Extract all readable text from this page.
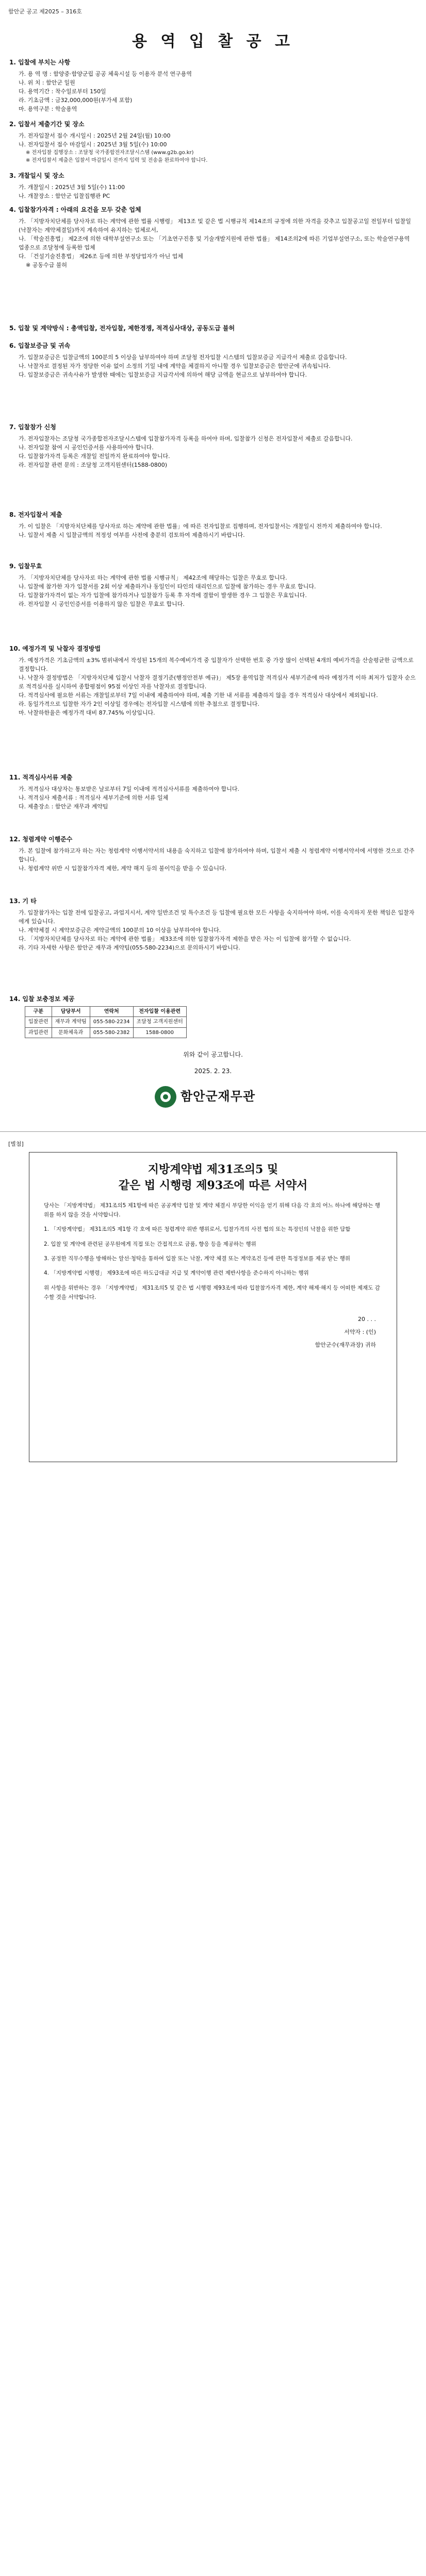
함안군 공고 제2025 – 316호
용 역 입 찰 공 고
1. 입찰에 부치는 사항
가. 용 역 명 : 함양중·함양군립 공공 체육시설 등 이용자 분석 연구용역
나. 위 치 : 함안군 일원
다. 용역기간 : 착수일로부터 150일
라. 기초금액 : 금32,000,000원(부가세 포함)
마. 용역구분 : 학술용역
2. 입찰서 제출기간 및 장소
가. 전자입찰서 접수 개시일시 : 2025년 2월 24일(월) 10:00
나. 전자입찰서 접수 마감일시 : 2025년 3월 5일(수) 10:00
※ 전자입찰 집행장소 : 조달청 국가종합전자조달시스템 (www.g2b.go.kr)
※ 전자입찰서 제출은 입찰서 마감일시 전까지 입력 및 전송을 완료하여야 합니다.
3. 개찰일시 및 장소
가. 개찰일시 : 2025년 3월 5일(수) 11:00
나. 개찰장소 : 함안군 입찰집행관 PC
4. 입찰참가자격 : 아래의 요건을 모두 갖춘 업체
가. 「지방자치단체를 당사자로 하는 계약에 관한 법률 시행령」 제13조 및 같은 법 시행규칙 제14조의 규정에 의한 자격을 갖추고 입찰공고일 전일부터 입찰일(낙찰자는 계약체결일)까지 계속하여 유지하는 업체로서,
나. 「학술진흥법」 제2조에 의한 대학부설연구소 또는 「기초연구진흥 및 기술개발지원에 관한 법률」 제14조의2에 따른 기업부설연구소, 또는 학술연구용역 업종으로 조달청에 등록한 업체
다. 「건설기술진흥법」 제26조 등에 의한 부정당업자가 아닌 업체
※ 공동수급 불허
5. 입찰 및 계약방식 : 총액입찰, 전자입찰, 제한경쟁, 적격심사대상, 공동도급 불허
6. 입찰보증금 및 귀속
가. 입찰보증금은 입찰금액의 100분의 5 이상을 납부하여야 하며 조달청 전자입찰 시스템의 입찰보증금 지급각서 제출로 갈음합니다.
나. 낙찰자로 결정된 자가 정당한 이유 없이 소정의 기일 내에 계약을 체결하지 아니할 경우 입찰보증금은 함안군에 귀속됩니다.
다. 입찰보증금은 귀속사유가 발생한 때에는 입찰보증금 지급각서에 의하여 해당 금액을 현금으로 납부하여야 합니다.
7. 입찰참가 신청
가. 전자입찰자는 조달청 국가종합전자조달시스템에 입찰참가자격 등록을 하여야 하며, 입찰참가 신청은 전자입찰서 제출로 갈음합니다.
나. 전자입찰 참여 시 공인인증서를 사용하여야 합니다.
다. 입찰참가자격 등록은 개찰일 전일까지 완료하여야 합니다.
라. 전자입찰 관련 문의 : 조달청 고객지원센터(1588-0800)
8. 전자입찰서 제출
가. 이 입찰은 「지방자치단체를 당사자로 하는 계약에 관한 법률」에 따른 전자입찰로 집행하며, 전자입찰서는 개찰일시 전까지 제출하여야 합니다.
나. 입찰서 제출 시 입찰금액의 적정성 여부를 사전에 충분히 검토하여 제출하시기 바랍니다.
9. 입찰무효
가. 「지방자치단체를 당사자로 하는 계약에 관한 법률 시행규칙」 제42조에 해당하는 입찰은 무효로 합니다.
나. 입찰에 참가한 자가 입찰서를 2회 이상 제출하거나 동일인이 타인의 대리인으로 입찰에 참가하는 경우 무효로 합니다.
다. 입찰참가자격이 없는 자가 입찰에 참가하거나 입찰참가 등록 후 자격에 결함이 발생한 경우 그 입찰은 무효입니다.
라. 전자입찰 시 공인인증서를 이용하지 않은 입찰은 무효로 합니다.
10. 예정가격 및 낙찰자 결정방법
가. 예정가격은 기초금액의 ±3% 범위내에서 작성된 15개의 복수예비가격 중 입찰자가 선택한 번호 중 가장 많이 선택된 4개의 예비가격을 산술평균한 금액으로 결정합니다.
나. 낙찰자 결정방법은 「지방자치단체 입찰시 낙찰자 결정기준(행정안전부 예규)」 제5장 용역입찰 적격심사 세부기준에 따라 예정가격 이하 최저가 입찰자 순으로 적격심사를 실시하여 종합평점이 95점 이상인 자를 낙찰자로 결정합니다.
다. 적격심사에 필요한 서류는 개찰일로부터 7일 이내에 제출하여야 하며, 제출 기한 내 서류를 제출하지 않을 경우 적격심사 대상에서 제외됩니다.
라. 동일가격으로 입찰한 자가 2인 이상일 경우에는 전자입찰 시스템에 의한 추첨으로 결정합니다.
마. 낙찰하한율은 예정가격 대비 87.745% 이상입니다.
11. 적격심사서류 제출
가. 적격심사 대상자는 통보받은 날로부터 7일 이내에 적격심사서류를 제출하여야 합니다.
나. 적격심사 제출서류 : 적격심사 세부기준에 의한 서류 일체
다. 제출장소 : 함안군 재무과 계약팀
12. 청렴계약 이행준수
가. 본 입찰에 참가하고자 하는 자는 청렴계약 이행서약서의 내용을 숙지하고 입찰에 참가하여야 하며, 입찰서 제출 시 청렴계약 이행서약서에 서명한 것으로 간주합니다.
나. 청렴계약 위반 시 입찰참가자격 제한, 계약 해지 등의 불이익을 받을 수 있습니다.
13. 기 타
가. 입찰참가자는 입찰 전에 입찰공고, 과업지시서, 계약 일반조건 및 특수조건 등 입찰에 필요한 모든 사항을 숙지하여야 하며, 이를 숙지하지 못한 책임은 입찰자에게 있습니다.
나. 계약체결 시 계약보증금은 계약금액의 100분의 10 이상을 납부하여야 합니다.
다. 「지방자치단체를 당사자로 하는 계약에 관한 법률」 제33조에 의한 입찰참가자격 제한을 받은 자는 이 입찰에 참가할 수 없습니다.
라. 기타 자세한 사항은 함안군 재무과 계약팀(055-580-2234)으로 문의하시기 바랍니다.
14. 입찰 보충정보 제공
구분	담당부서	연락처	전자입찰 이용관련
입찰관련	재무과 계약팀	055-580-2234	조달청 고객지원센터
과업관련	문화체육과	055-580-2382	1588-0800
위와 같이 공고합니다.
2025. 2. 23.
함안군재무관
[별첨]
지방계약법 제31조의5 및
같은 법 시행령 제93조에 따른 서약서

당사는 「지방계약법」 제31조의5 제1항에 따른 공공계약 입찰 및 계약 체결시 부당한 이익을 얻기 위해 다음 각 호의 어느 하나에 해당하는 행위를 하지 않을 것을 서약합니다.

1. 「지방계약법」 제31조의5 제1항 각 호에 따른 청렴계약 위반 행위로서, 입찰가격의 사전 협의 또는 특정인의 낙찰을 위한 담합

2. 입찰 및 계약에 관련된 공무원에게 직접 또는 간접적으로 금품, 향응 등을 제공하는 행위

3. 공정한 직무수행을 방해하는 알선·청탁을 통하여 입찰 또는 낙찰, 계약 체결 또는 계약조건 등에 관한 특정정보를 제공 받는 행위

4. 「지방계약법 시행령」 제93조에 따른 하도급대금 지급 및 계약이행 관련 제반사항을 준수하지 아니하는 행위

위 사항을 위반하는 경우 「지방계약법」 제31조의5 및 같은 법 시행령 제93조에 따라 입찰참가자격 제한, 계약 해제·해지 등 어떠한 제재도 감수할 것을 서약합니다.

20 . . .
서약자 : (인)
함안군수(재무과장) 귀하
